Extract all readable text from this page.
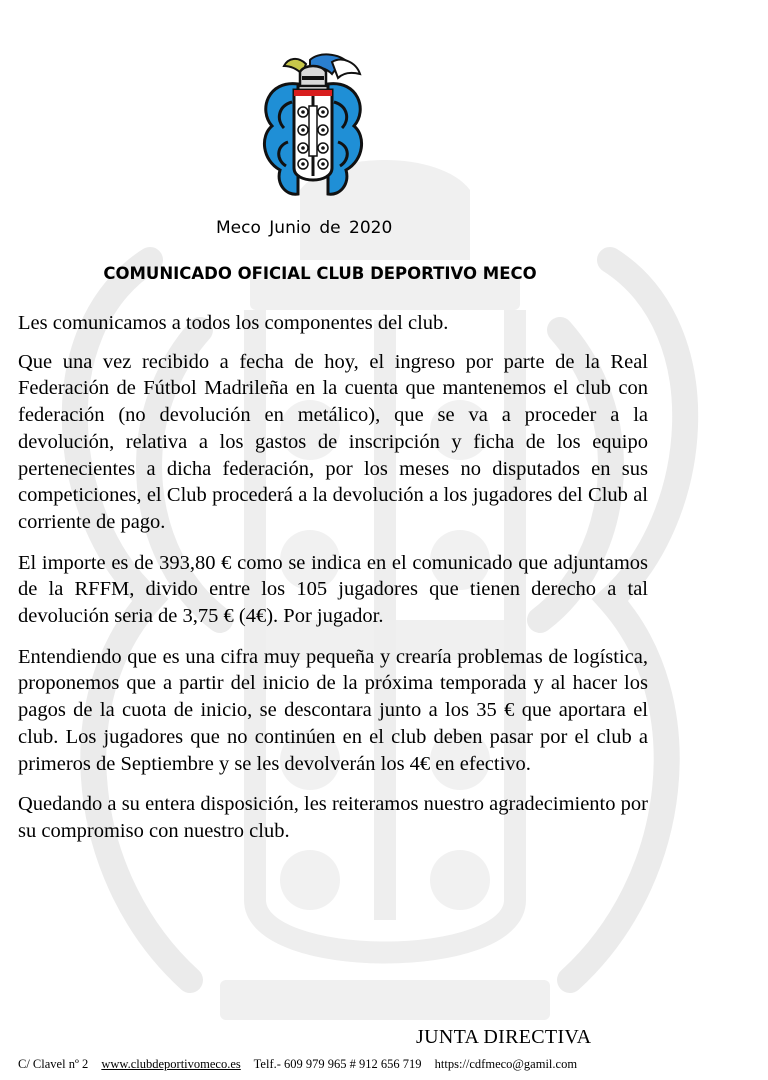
Meco Junio de 2020
COMUNICADO OFICIAL CLUB DEPORTIVO MECO

Les comunicamos a todos los componentes del club.

Que una vez recibido a fecha de hoy, el ingreso por parte de la Real Federación de Fútbol Madrileña en la cuenta que mantenemos el club con federación (no devolución en metálico), que se va a proceder a la devolución, relativa a los gastos de inscripción y ficha de los equipo pertenecientes a dicha federación, por los meses no disputados en sus competiciones, el Club procederá a la devolución a los jugadores del Club al corriente de pago.

El importe es de 393,80 € como se indica en el comunicado que adjuntamos de la RFFM, divido entre los 105 jugadores que tienen derecho a tal devolución seria de 3,75 € (4€). Por jugador.

Entendiendo que es una cifra muy pequeña y crearía problemas de logística, proponemos que a partir del inicio de la próxima temporada y al hacer los pagos de la cuota de inicio, se descontara junto a los 35 € que aportara el club. Los jugadores que no continúen en el club deben pasar por el club a primeros de Septiembre y se les devolverán los 4€ en efectivo.

Quedando a su entera disposición, les reiteramos nuestro agradecimiento por su compromiso con nuestro club.

JUNTA DIRECTIVA
C/ Clavel nº 2 www.clubdeportivomeco.es Telf.- 609 979 965 # 912 656 719 https://cdfmeco@gamil.com
